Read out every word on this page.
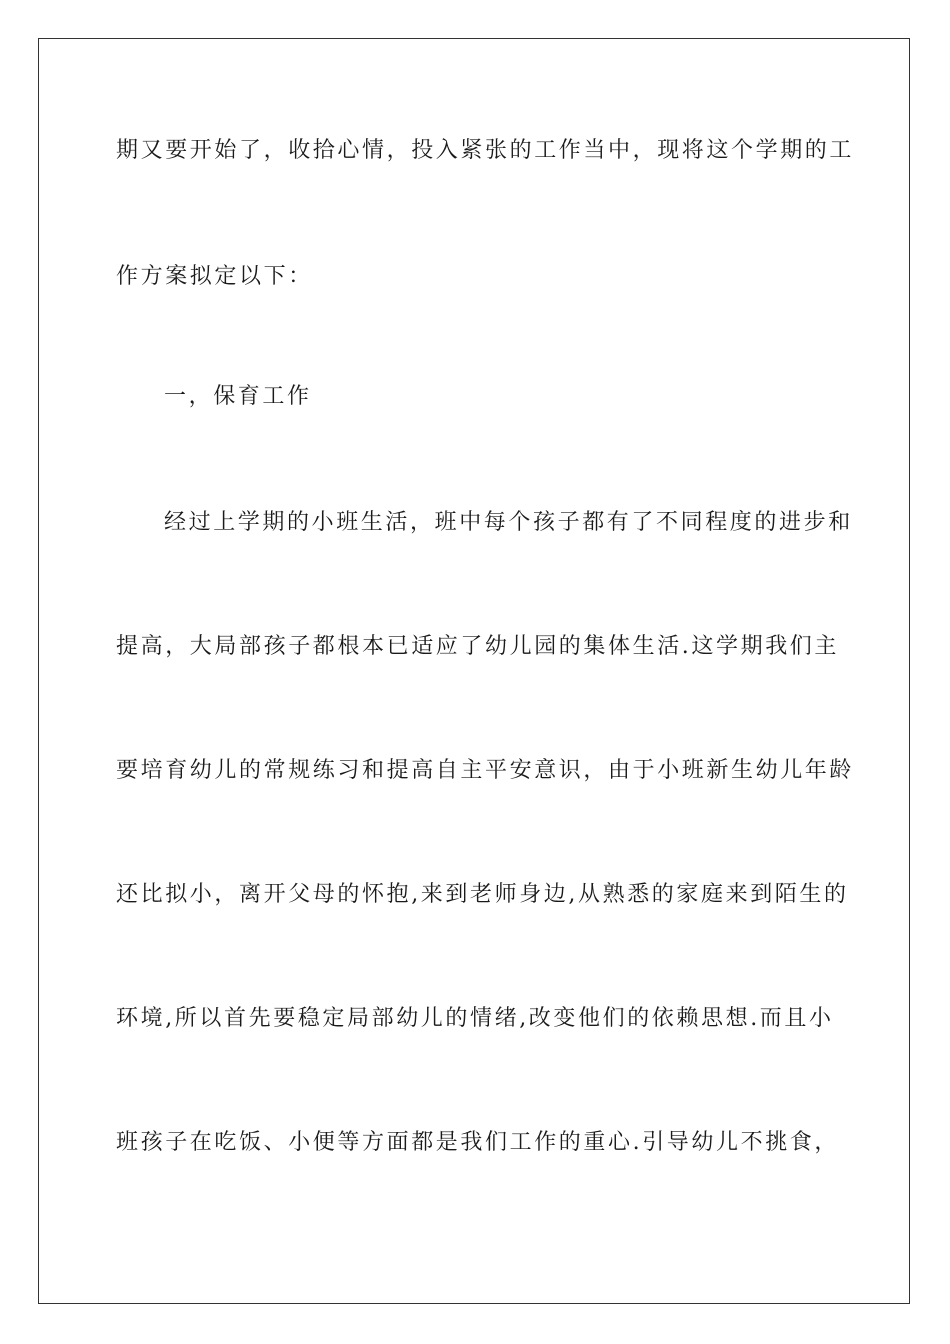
期又要开始了，收拾心情，投入紧张的工作当中，现将这个学期的工
作方案拟定以下：
一，保育工作
经过上学期的小班生活，班中每个孩子都有了不同程度的进步和
提高，大局部孩子都根本已适应了幼儿园的集体生活.这学期我们主
要培育幼儿的常规练习和提高自主平安意识，由于小班新生幼儿年龄
还比拟小，离开父母的怀抱,来到老师身边,从熟悉的家庭来到陌生的
环境,所以首先要稳定局部幼儿的情绪,改变他们的依赖思想.而且小
班孩子在吃饭、小便等方面都是我们工作的重心.引导幼儿不挑食，
